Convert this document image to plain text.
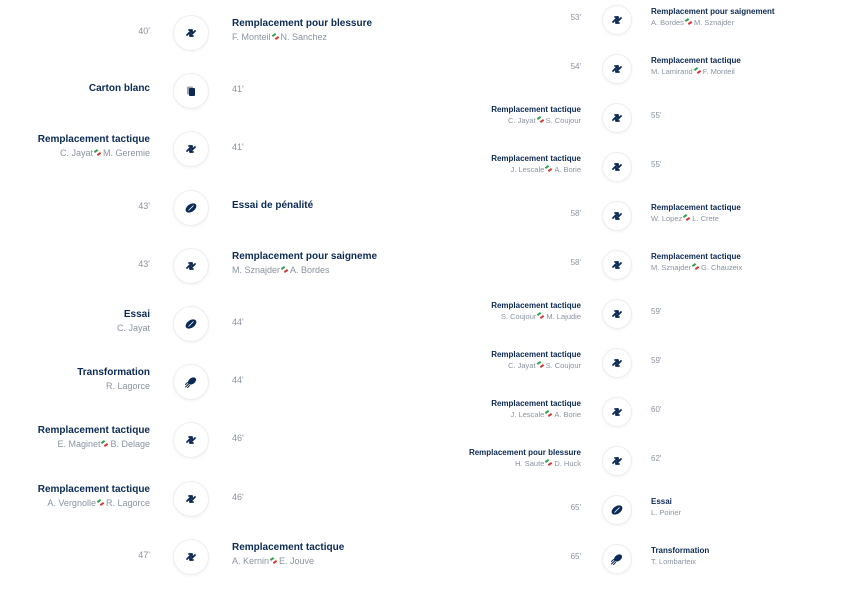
Remplacement pour blessure
F. Monteil N. Sanchez
40'
Carton blanc	41'
Remplacement tactique
C. Jayat M. Geremie
41'
Essai de pénalité
43'
Remplacement pour saigneme
M. Sznajder A. Bordes
43'
Essai
C. Jayat
44'
Transformation
R. Lagorce
44'
Remplacement tactique
E. Maginet B. Delage
46'
Remplacement tactique
A. Vergnolle R. Lagorce
46'
Remplacement tactique
A. Kernin E. Jouve
47'
Remplacement pour saignement
A. Bordes M. Sznajder
53'
Remplacement tactique
M. Lamirand F. Monteil
54'
Remplacement tactique
C. Jayat S. Coujour
55'
Remplacement tactique
J. Lescale A. Borie
55'
Remplacement tactique
W. Lopez L. Crete
58'
Remplacement tactique
M. Sznajder G. Chauzeix
58'
Remplacement tactique
S. Coujour M. Lajudie
59'
Remplacement tactique
C. Jayat S. Coujour
59'
Remplacement tactique
J. Lescale A. Borie
60'
Remplacement pour blessure
H. Saute D. Huck
62'
Essai
L. Poirier
65'
Transformation
T. Lombarteix
65'
